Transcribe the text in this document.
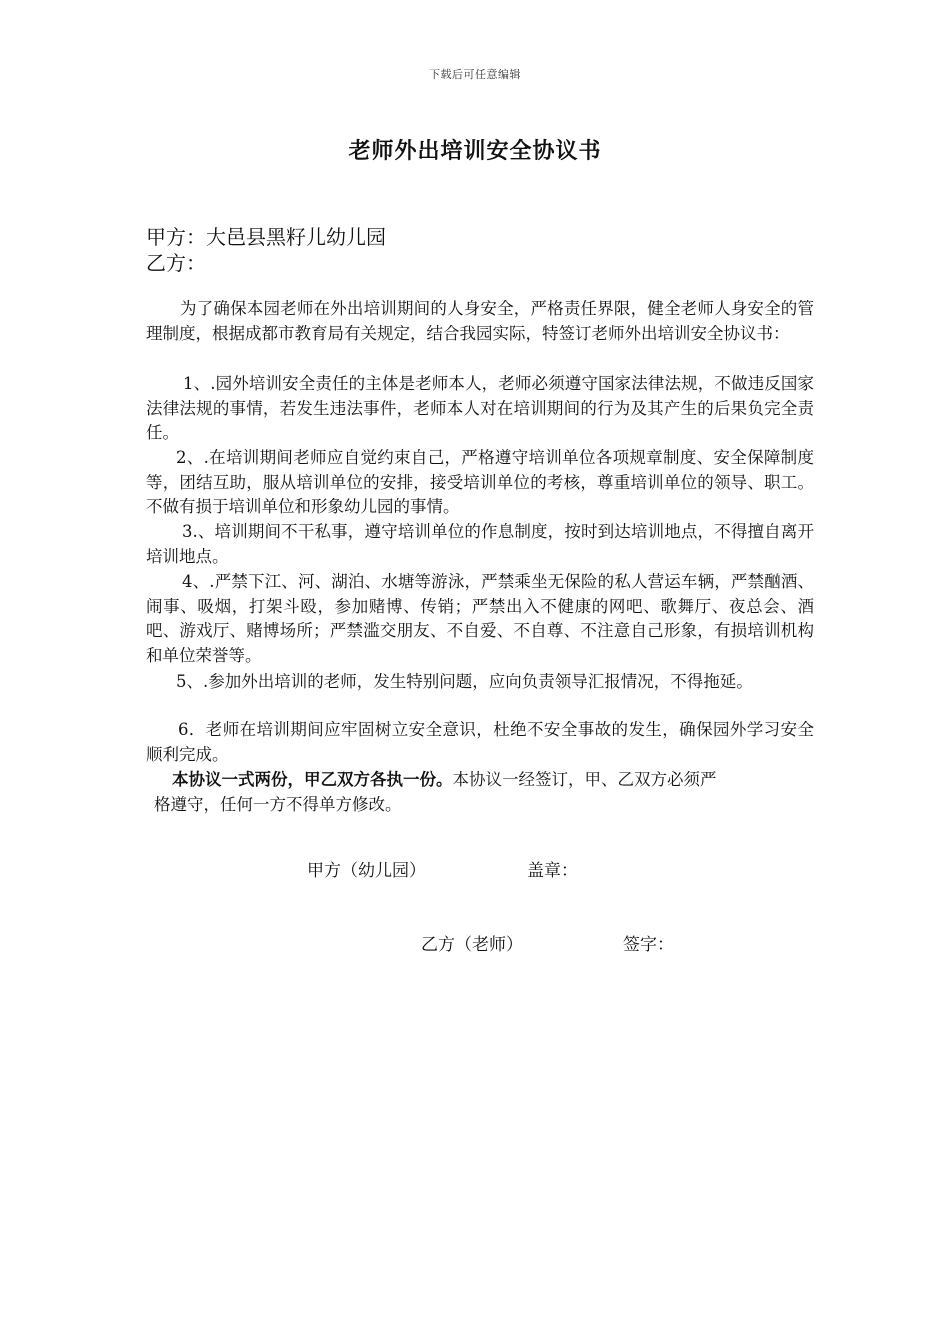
下载后可任意编辑
老师外出培训安全协议书
甲方：大邑县黑籽儿幼儿园
乙方：

为了确保本园老师在外出培训期间的人身安全，严格责任界限，健全老师人身安全的管理制度，根据成都市教育局有关规定，结合我园实际，特签订老师外出培训安全协议书：

1、.园外培训安全责任的主体是老师本人，老师必须遵守国家法律法规，不做违反国家法律法规的事情，若发生违法事件，老师本人对在培训期间的行为及其产生的后果负完全责任。

2、.在培训期间老师应自觉约束自己，严格遵守培训单位各项规章制度、安全保障制度等，团结互助，服从培训单位的安排，接受培训单位的考核，尊重培训单位的领导、职工。不做有损于培训单位和形象幼儿园的事情。

3.、培训期间不干私事，遵守培训单位的作息制度，按时到达培训地点，不得擅自离开培训地点。

4、.严禁下江、河、湖泊、水塘等游泳，严禁乘坐无保险的私人营运车辆，严禁酗酒、闹事、吸烟，打架斗殴，参加赌博、传销；严禁出入不健康的网吧、歌舞厅、夜总会、酒吧、游戏厅、赌博场所；严禁滥交朋友、不自爱、不自尊、不注意自己形象，有损培训机构和单位荣誉等。

5、.参加外出培训的老师，发生特别问题，应向负责领导汇报情况，不得拖延。

6．老师在培训期间应牢固树立安全意识，杜绝不安全事故的发生，确保园外学习安全顺利完成。

本协议一式两份，甲乙双方各执一份。本协议一经签订，甲、乙双方必须严

格遵守，任何一方不得单方修改。

甲方（幼儿园）	盖章：
乙方（老师）	签字：
